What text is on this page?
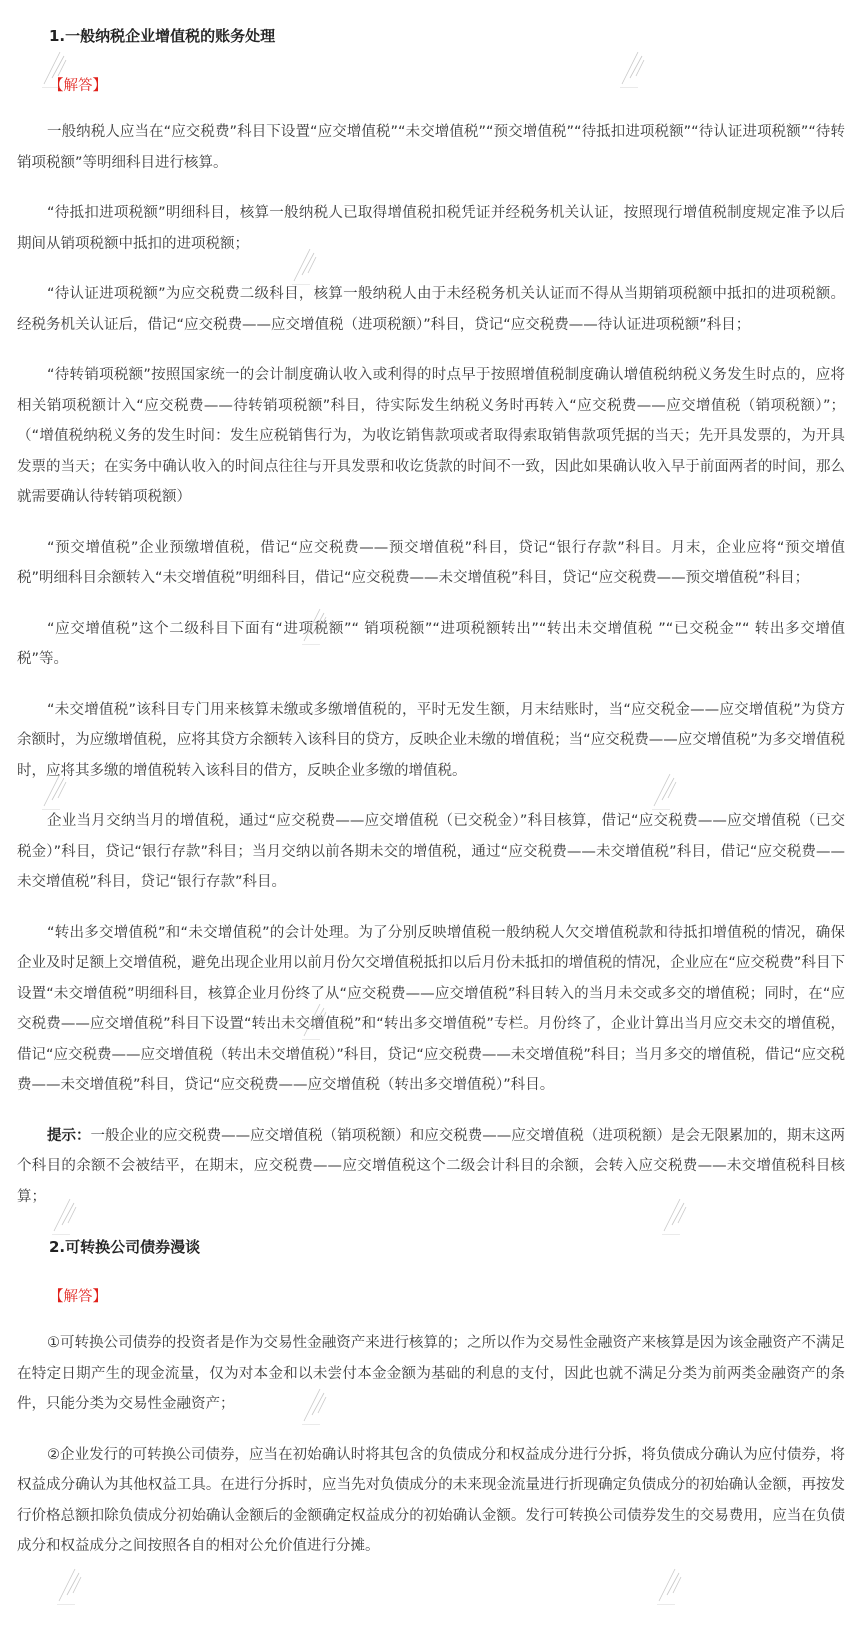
1.一般纳税企业增值税的账务处理

【解答】

一般纳税人应当在“应交税费”科目下设置“应交增值税”“未交增值税”“预交增值税”“待抵扣进项税额”“待认证进项税额”“待转销项税额”等明细科目进行核算。

“待抵扣进项税额”明细科目，核算一般纳税人已取得增值税扣税凭证并经税务机关认证，按照现行增值税制度规定准予以后期间从销项税额中抵扣的进项税额；

“待认证进项税额”为应交税费二级科目，核算一般纳税人由于未经税务机关认证而不得从当期销项税额中抵扣的进项税额。经税务机关认证后，借记“应交税费——应交增值税（进项税额）”科目，贷记“应交税费——待认证进项税额”科目；

“待转销项税额”按照国家统一的会计制度确认收入或利得的时点早于按照增值税制度确认增值税纳税义务发生时点的，应将相关销项税额计入“应交税费——待转销项税额”科目，待实际发生纳税义务时再转入“应交税费——应交增值税（销项税额）”；（“增值税纳税义务的发生时间：发生应税销售行为，为收讫销售款项或者取得索取销售款项凭据的当天；先开具发票的，为开具发票的当天；在实务中确认收入的时间点往往与开具发票和收讫货款的时间不一致，因此如果确认收入早于前面两者的时间，那么就需要确认待转销项税额）

“预交增值税”企业预缴增值税，借记“应交税费——预交增值税”科目，贷记“银行存款”科目。月末，企业应将“预交增值税”明细科目余额转入“未交增值税”明细科目，借记“应交税费——未交增值税”科目，贷记“应交税费——预交增值税”科目；

“应交增值税”这个二级科目下面有“进项税额”“ 销项税额”“进项税额转出”“转出未交增值税 ”“已交税金”“ 转出多交增值税”等。

“未交增值税”该科目专门用来核算未缴或多缴增值税的，平时无发生额，月末结账时，当“应交税金——应交增值税”为贷方余额时，为应缴增值税，应将其贷方余额转入该科目的贷方，反映企业未缴的增值税；当“应交税费——应交增值税”为多交增值税时，应将其多缴的增值税转入该科目的借方，反映企业多缴的增值税。

企业当月交纳当月的增值税，通过“应交税费——应交增值税（已交税金）”科目核算，借记“应交税费——应交增值税（已交税金）”科目，贷记“银行存款”科目；当月交纳以前各期未交的增值税，通过“应交税费——未交增值税”科目，借记“应交税费——未交增值税”科目，贷记“银行存款”科目。

“转出多交增值税”和“未交增值税”的会计处理。为了分别反映增值税一般纳税人欠交增值税款和待抵扣增值税的情况，确保企业及时足额上交增值税，避免出现企业用以前月份欠交增值税抵扣以后月份未抵扣的增值税的情况，企业应在“应交税费”科目下设置“未交增值税”明细科目，核算企业月份终了从“应交税费——应交增值税”科目转入的当月未交或多交的增值税；同时，在“应交税费——应交增值税”科目下设置“转出未交增值税”和“转出多交增值税”专栏。月份终了，企业计算出当月应交未交的增值税，借记“应交税费——应交增值税（转出未交增值税）”科目，贷记“应交税费——未交增值税”科目；当月多交的增值税，借记“应交税费——未交增值税”科目，贷记“应交税费——应交增值税（转出多交增值税）”科目。

提示：一般企业的应交税费——应交增值税（销项税额）和应交税费——应交增值税（进项税额）是会无限累加的，期末这两个科目的余额不会被结平，在期末，应交税费——应交增值税这个二级会计科目的余额，会转入应交税费——未交增值税科目核算；

2.可转换公司债券漫谈

【解答】

①可转换公司债券的投资者是作为交易性金融资产来进行核算的；之所以作为交易性金融资产来核算是因为该金融资产不满足在特定日期产生的现金流量，仅为对本金和以未尝付本金金额为基础的利息的支付，因此也就不满足分类为前两类金融资产的条件，只能分类为交易性金融资产；

②企业发行的可转换公司债券，应当在初始确认时将其包含的负债成分和权益成分进行分拆，将负债成分确认为应付债券，将权益成分确认为其他权益工具。在进行分拆时，应当先对负债成分的未来现金流量进行折现确定负债成分的初始确认金额，再按发行价格总额扣除负债成分初始确认金额后的金额确定权益成分的初始确认金额。发行可转换公司债券发生的交易费用，应当在负债成分和权益成分之间按照各自的相对公允价值进行分摊。
